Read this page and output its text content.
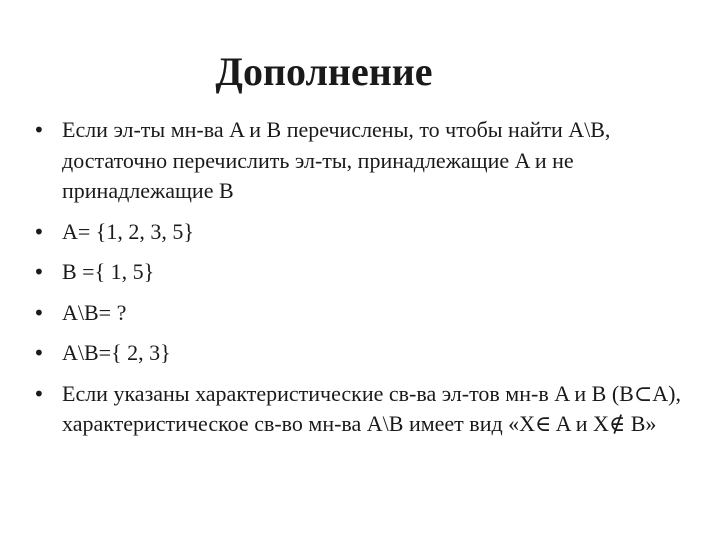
Дополнение
• Если эл-ты мн-ва A и B перечислены, то чтобы найти A\B, достаточно перечислить эл-ты, принадлежащие A и не принадлежащие B
• A= {1, 2, 3, 5}
• B ={ 1, 5}
• A\B= ?
• A\B={ 2, 3}
• Если указаны характеристические св-ва эл-тов мн-в A и B (B⊂A), характеристическое св-во мн-ва A\B имеет вид «X∈ A и X∉ B»
